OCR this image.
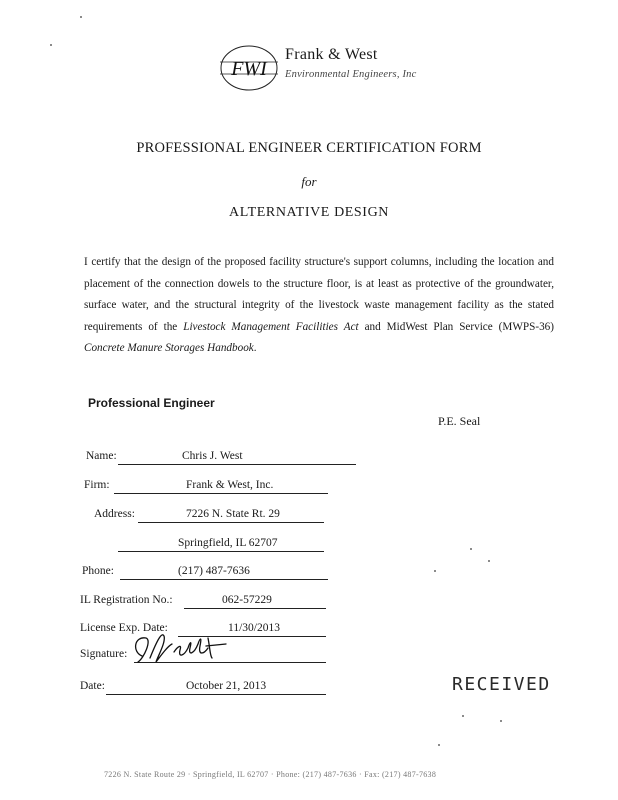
FWI
Frank & West
Environmental Engineers, Inc
PROFESSIONAL ENGINEER CERTIFICATION FORM
for
ALTERNATIVE DESIGN
I certify that the design of the proposed facility structure's support columns, including the location and placement of the connection dowels to the structure floor, is at least as protective of the groundwater, surface water, and the structural integrity of the livestock waste management facility as the stated requirements of the Livestock Management Facilities Act and MidWest Plan Service (MWPS-36) Concrete Manure Storages Handbook.
Professional Engineer
P.E. Seal
Name:	Chris J. West
Firm:	Frank & West, Inc.
Address:	7226 N. State Rt. 29
Springfield, IL 62707
Phone:	(217) 487-7636
IL Registration No.:	062-57229
License Exp. Date:	11/30/2013
Signature:
Date:	October 21, 2013	RECEIVED
7226 N. State Route 29 · Springfield, IL 62707 · Phone: (217) 487-7636 · Fax: (217) 487-7638
